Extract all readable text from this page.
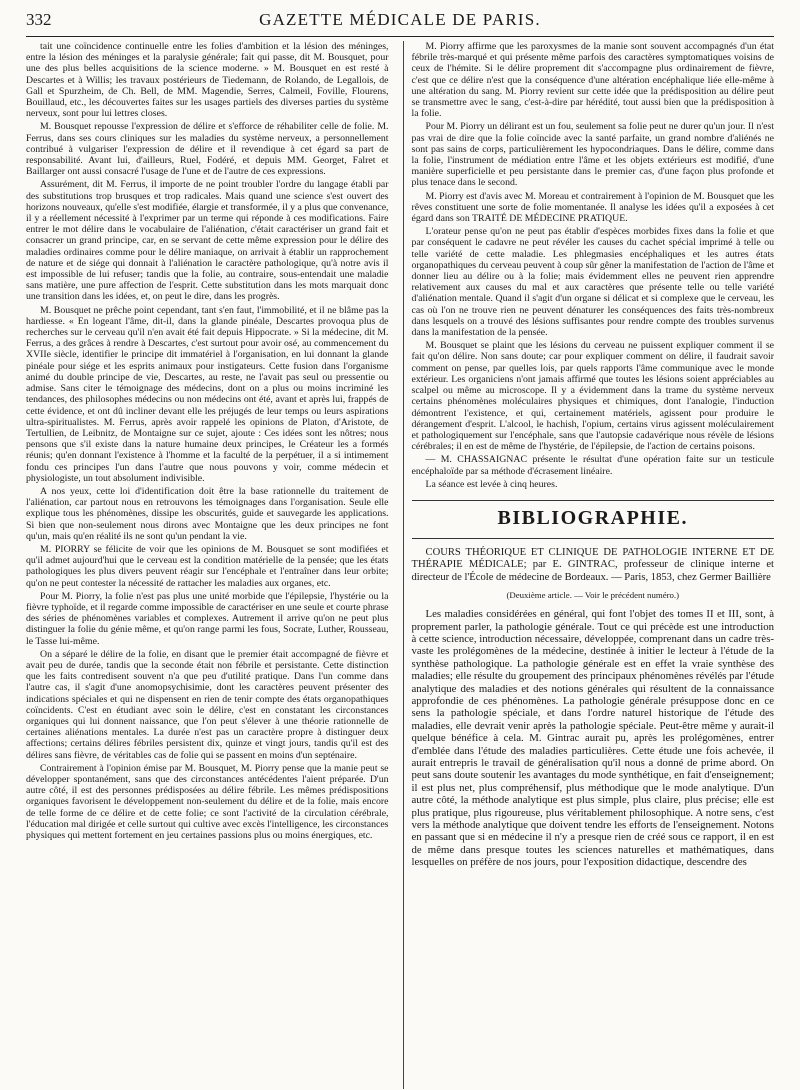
332	GAZETTE MÉDICALE DE PARIS.

tait une coïncidence continuelle entre les folies d'ambition et la lésion des méninges, entre la lésion des méninges et la paralysie générale; fait qui passe, dit M. Bousquet, pour une des plus belles acquisitions de la science moderne. » M. Bousquet en est resté à Descartes et à Willis; les travaux postérieurs de Tiedemann, de Rolando, de Legallois, de Gall et Spurzheim, de Ch. Bell, de MM. Magendie, Serres, Calmeil, Foville, Flourens, Bouillaud, etc., les découvertes faites sur les usages partiels des diverses parties du système nerveux, sont pour lui lettres closes.

M. Bousquet repousse l'expression de délire et s'efforce de réhabiliter celle de folie. M. Ferrus, dans ses cours cliniques sur les maladies du système nerveux, a personnellement contribué à vulgariser l'expression de délire et il revendique à cet égard sa part de responsabilité. Avant lui, d'ailleurs, Ruel, Fodéré, et depuis MM. Georget, Falret et Baillarger ont aussi consacré l'usage de l'une et de l'autre de ces expressions.

Assurément, dit M. Ferrus, il importe de ne point troubler l'ordre du langage établi par des substitutions trop brusques et trop radicales. Mais quand une science s'est ouvert des horizons nouveaux, qu'elle s'est modifiée, élargie et transformée, il y a plus que convenance, il y a réellement nécessité à l'exprimer par un terme qui réponde à ces modifications. Faire entrer le mot délire dans le vocabulaire de l'aliénation, c'était caractériser un grand fait et consacrer un grand principe, car, en se servant de cette même expression pour le délire des maladies ordinaires comme pour le délire maniaque, on arrivait à établir un rapprochement de nature et de siége qui donnait à l'aliénation le caractère pathologique, qu'à notre avis il est impossible de lui refuser; tandis que la folie, au contraire, sous-entendait une maladie sans matière, une pure affection de l'esprit. Cette substitution dans les mots marquait donc une transition dans les idées, et, on peut le dire, dans les progrès.

M. Bousquet ne prêche point cependant, tant s'en faut, l'immobilité, et il ne blâme pas la hardiesse. « En logeant l'âme, dit-il, dans la glande pinéale, Descartes provoqua plus de recherches sur le cerveau qu'il n'en avait été fait depuis Hippocrate. » Si la médecine, dit M. Ferrus, a des grâces à rendre à Descartes, c'est surtout pour avoir osé, au commencement du XVIIe siècle, identifier le principe dit immatériel à l'organisation, en lui donnant la glande pinéale pour siége et les esprits animaux pour instigateurs. Cette fusion dans l'organisme animé du double principe de vie, Descartes, au reste, ne l'avait pas seul ou pressentie ou admise. Sans citer le témoignage des médecins, dont on a plus ou moins incriminé les tendances, des philosophes médecins ou non médecins ont été, avant et après lui, frappés de cette évidence, et ont dû incliner devant elle les préjugés de leur temps ou leurs aspirations ultra-spiritualistes. M. Ferrus, après avoir rappelé les opinions de Platon, d'Aristote, de Tertullien, de Leibnitz, de Montaigne sur ce sujet, ajoute : Ces idées sont les nôtres; nous pensons que s'il existe dans la nature humaine deux principes, le Créateur les a formés réunis; qu'en donnant l'existence à l'homme et la faculté de la perpétuer, il a si intimement fondu ces principes l'un dans l'autre que nous pouvons y voir, comme médecin et physiologiste, un tout absolument indivisible.

A nos yeux, cette loi d'identification doit être la base rationnelle du traitement de l'aliénation, car partout nous en retrouvons les témoignages dans l'organisation. Seule elle explique tous les phénomènes, dissipe les obscurités, guide et sauvegarde les applications. Si bien que non-seulement nous dirons avec Montaigne que les deux principes ne font qu'un, mais qu'en réalité ils ne sont qu'un pendant la vie.

M. PIORRY se félicite de voir que les opinions de M. Bousquet se sont modifiées et qu'il admet aujourd'hui que le cerveau est la condition matérielle de la pensée; que les états pathologiques les plus divers peuvent réagir sur l'encéphale et l'entraîner dans leur orbite; qu'on ne peut contester la nécessité de rattacher les maladies aux organes, etc.

Pour M. Piorry, la folie n'est pas plus une unité morbide que l'épilepsie, l'hystérie ou la fièvre typhoïde, et il regarde comme impossible de caractériser en une seule et courte phrase des séries de phénomènes variables et complexes. Autrement il arrive qu'on ne peut plus distinguer la folie du génie même, et qu'on range parmi les fous, Socrate, Luther, Rousseau, le Tasse lui-même.

On a séparé le délire de la folie, en disant que le premier était accompagné de fièvre et avait peu de durée, tandis que la seconde était non fébrile et persistante. Cette distinction que les faits contredisent souvent n'a que peu d'utilité pratique. Dans l'un comme dans l'autre cas, il s'agit d'une anomopsychisimie, dont les caractères peuvent présenter des indications spéciales et qui ne dispensent en rien de tenir compte des états organopathiques coïncidents. C'est en étudiant avec soin le délire, c'est en constatant les circonstances organiques qui lui donnent naissance, que l'on peut s'élever à une théorie rationnelle de certaines aliénations mentales. La durée n'est pas un caractère propre à distinguer deux affections; certains délires fébriles persistent dix, quinze et vingt jours, tandis qu'il est des délires sans fièvre, de véritables cas de folie qui se passent en moins d'un septénaire.

Contrairement à l'opinion émise par M. Bousquet, M. Piorry pense que la manie peut se développer spontanément, sans que des circonstances antécédentes l'aient préparée. D'un autre côté, il est des personnes prédisposées au délire fébrile. Les mêmes prédispositions organiques favorisent le développement non-seulement du délire et de la folie, mais encore de telle forme de ce délire et de cette folie; ce sont l'activité de la circulation cérébrale, l'éducation mal dirigée et celle surtout qui cultive avec excès l'intelligence, les circonstances physiques qui mettent fortement en jeu certaines passions plus ou moins énergiques, etc.

M. Piorry affirme que les paroxysmes de la manie sont souvent accompagnés d'un état fébrile très-marqué et qui présente même parfois des caractères symptomatiques voisins de ceux de l'hémite. Si le délire proprement dit s'accompagne plus ordinairement de fièvre, c'est que ce délire n'est que la conséquence d'une altération encéphalique liée elle-même à une altération du sang. M. Piorry revient sur cette idée que la prédisposition au délire peut se transmettre avec le sang, c'est-à-dire par hérédité, tout aussi bien que la prédisposition à la folie.

Pour M. Piorry un délirant est un fou, seulement sa folie peut ne durer qu'un jour. Il n'est pas vrai de dire que la folie coïncide avec la santé parfaite, un grand nombre d'aliénés ne sont pas sains de corps, particulièrement les hypocondriaques. Dans le délire, comme dans la folie, l'instrument de médiation entre l'âme et les objets extérieurs est modifié, d'une manière superficielle et peu persistante dans le premier cas, d'une façon plus profonde et plus tenace dans le second.

M. Piorry est d'avis avec M. Moreau et contrairement à l'opinion de M. Bousquet que les rêves constituent une sorte de folie momentanée. Il analyse les idées qu'il a exposées à cet égard dans son TRAITÉ DE MÉDECINE PRATIQUE.

L'orateur pense qu'on ne peut pas établir d'espèces morbides fixes dans la folie et que par conséquent le cadavre ne peut révéler les causes du cachet spécial imprimé à telle ou telle variété de cette maladie. Les phlegmasies encéphaliques et les autres états organopathiques du cerveau peuvent à coup sûr gêner la manifestation de l'action de l'âme et donner lieu au délire ou à la folie; mais évidemment elles ne peuvent rien apprendre relativement aux causes du mal et aux caractères que présente telle ou telle variété d'aliénation mentale. Quand il s'agit d'un organe si délicat et si complexe que le cerveau, les cas où l'on ne trouve rien ne peuvent dénaturer les conséquences des faits très-nombreux dans lesquels on a trouvé des lésions suffisantes pour rendre compte des troubles survenus dans la manifestation de la pensée.

M. Bousquet se plaint que les lésions du cerveau ne puissent expliquer comment il se fait qu'on délire. Non sans doute; car pour expliquer comment on délire, il faudrait savoir comment on pense, par quelles lois, par quels rapports l'âme communique avec le monde extérieur. Les organiciens n'ont jamais affirmé que toutes les lésions soient appréciables au scalpel ou même au microscope. Il y a évidemment dans la trame du système nerveux certains phénomènes moléculaires physiques et chimiques, dont l'analogie, l'induction démontrent l'existence, et qui, certainement matériels, agissent pour produire le dérangement d'esprit. L'alcool, le hachish, l'opium, certains virus agissent moléculairement et pathologiquement sur l'encéphale, sans que l'autopsie cadavérique nous révèle de lésions cérébrales; il en est de même de l'hystérie, de l'épilepsie, de l'action de certains poisons.

— M. CHASSAIGNAC présente le résultat d'une opération faite sur un testicule encéphaloïde par sa méthode d'écrasement linéaire.

La séance est levée à cinq heures.

BIBLIOGRAPHIE.

COURS THÉORIQUE ET CLINIQUE DE PATHOLOGIE INTERNE ET DE THÉRAPIE MÉDICALE; par E. GINTRAC, professeur de clinique interne et directeur de l'École de médecine de Bordeaux. — Paris, 1853, chez Germer Baillière

(Deuxième article. — Voir le précédent numéro.)

Les maladies considérées en général, qui font l'objet des tomes II et III, sont, à proprement parler, la pathologie générale. Tout ce qui précède est une introduction à cette science, introduction nécessaire, développée, comprenant dans un cadre très-vaste les prolégomènes de la médecine, destinée à initier le lecteur à l'étude de la synthèse pathologique. La pathologie générale est en effet la vraie synthèse des maladies; elle résulte du groupement des principaux phénomènes révélés par l'étude analytique des maladies et des notions générales qui résultent de la connaissance approfondie de ces phénomènes. La pathologie générale présuppose donc en ce sens la pathologie spéciale, et dans l'ordre naturel historique de l'étude des maladies, elle devrait venir après la pathologie spéciale. Peut-être même y aurait-il quelque bénéfice à cela. M. Gintrac aurait pu, après les prolégomènes, entrer d'emblée dans l'étude des maladies particulières. Cette étude une fois achevée, il aurait entrepris le travail de généralisation qu'il nous a donné de prime abord. On peut sans doute soutenir les avantages du mode synthétique, en fait d'enseignement; il est plus net, plus compréhensif, plus méthodique que le mode analytique. D'un autre côté, la méthode analytique est plus simple, plus claire, plus précise; elle est plus pratique, plus rigoureuse, plus véritablement philosophique. A notre sens, c'est vers la méthode analytique que doivent tendre les efforts de l'enseignement. Notons en passant que si en médecine il n'y a presque rien de créé sous ce rapport, il en est de même dans presque toutes les sciences naturelles et mathématiques, dans lesquelles on préfère de nos jours, pour l'exposition didactique, descendre des
